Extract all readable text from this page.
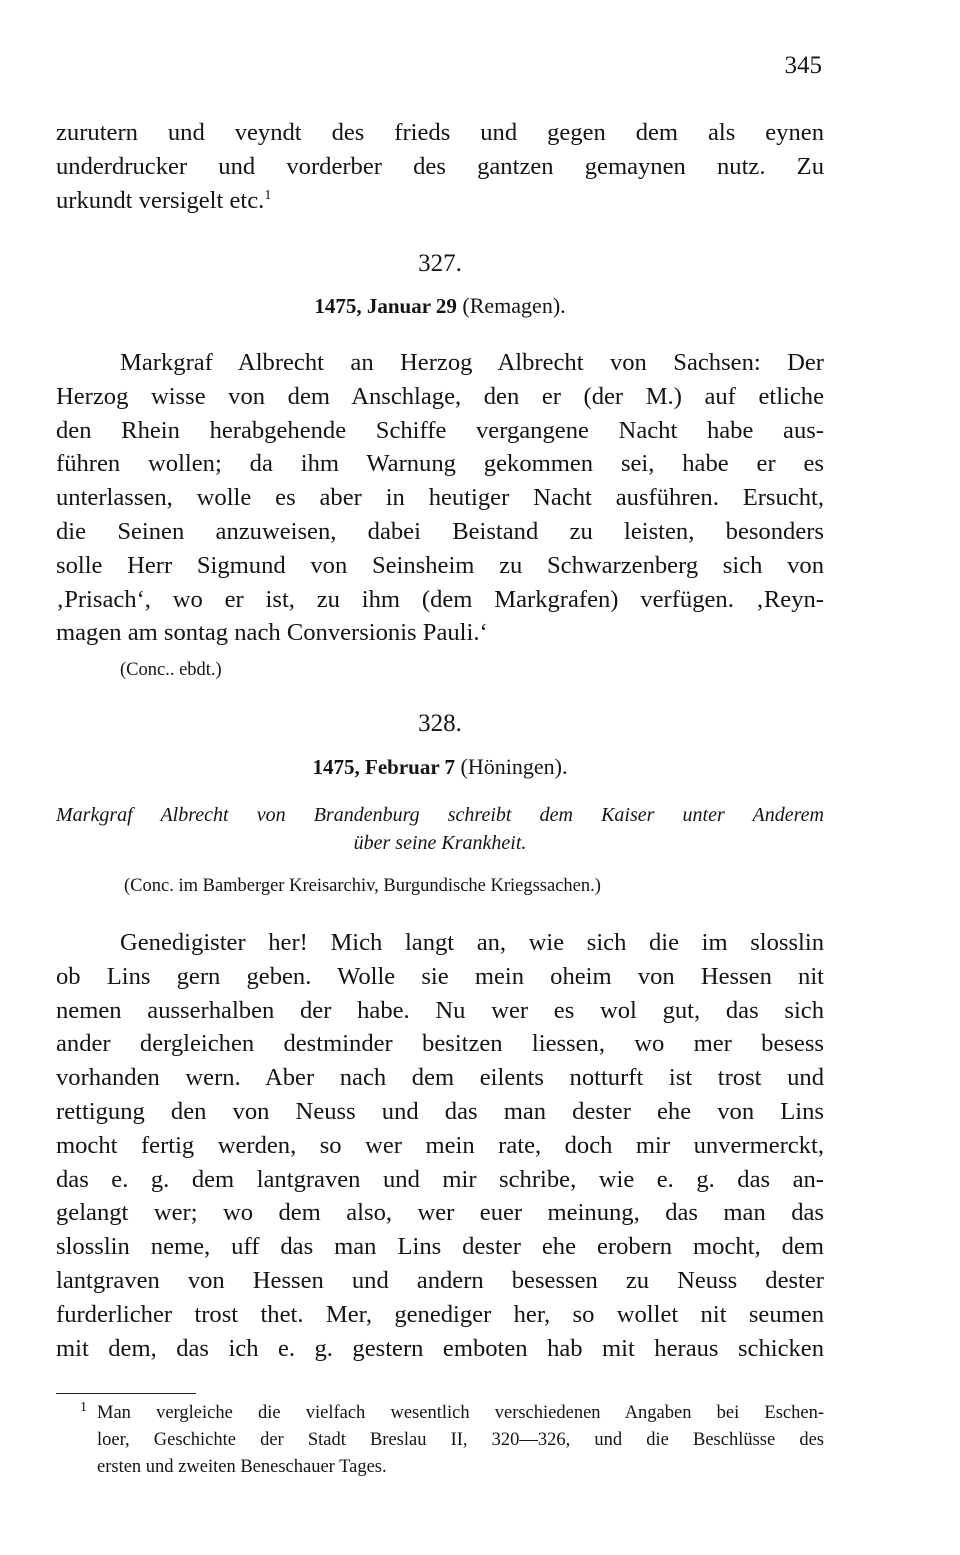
345

zurutern und veyndt des frieds und gegen dem als eynen

underdrucker und vorderber des gantzen gemaynen nutz. Zu

urkundt versigelt etc.$^1$

327.
1475, Januar 29 (Remagen).

Markgraf Albrecht an Herzog Albrecht von Sachsen: Der

Herzog wisse von dem Anschlage, den er (der M.) auf etliche

den Rhein herabgehende Schiffe vergangene Nacht habe aus-

führen wollen; da ihm Warnung gekommen sei, habe er es

unterlassen, wolle es aber in heutiger Nacht ausführen. Ersucht,

die Seinen anzuweisen, dabei Beistand zu leisten, besonders

solle Herr Sigmund von Seinsheim zu Schwarzenberg sich von

‚Prisach‘, wo er ist, zu ihm (dem Markgrafen) verfügen. ‚Reyn-

magen am sontag nach Conversionis Pauli.‘

(Conc.. ebdt.)
328.
1475, Februar 7 (Höningen).
Markgraf Albrecht von Brandenburg schreibt dem Kaiser unter Anderem
über seine Krankheit.
(Conc. im Bamberger Kreisarchiv, Burgundische Kriegssachen.)

Genedigister her! Mich langt an, wie sich die im slosslin

ob Lins gern geben. Wolle sie mein oheim von Hessen nit

nemen ausserhalben der habe. Nu wer es wol gut, das sich

ander dergleichen destminder besitzen liessen, wo mer besess

vorhanden wern. Aber nach dem eilents notturft ist trost und

rettigung den von Neuss und das man dester ehe von Lins

mocht fertig werden, so wer mein rate, doch mir unvermerckt,

das e. g. dem lantgraven und mir schribe, wie e. g. das an-

gelangt wer; wo dem also, wer euer meinung, das man das

slosslin neme, uff das man Lins dester ehe erobern mocht, dem

lantgraven von Hessen und andern besessen zu Neuss dester

furderlicher trost thet. Mer, genediger her, so wollet nit seumen

mit dem, das ich e. g. gestern emboten hab mit heraus schicken

1 Man vergleiche die vielfach wesentlich verschiedenen Angaben bei Eschen-

loer, Geschichte der Stadt Breslau II, 320—326, und die Beschlüsse des

ersten und zweiten Beneschauer Tages.
